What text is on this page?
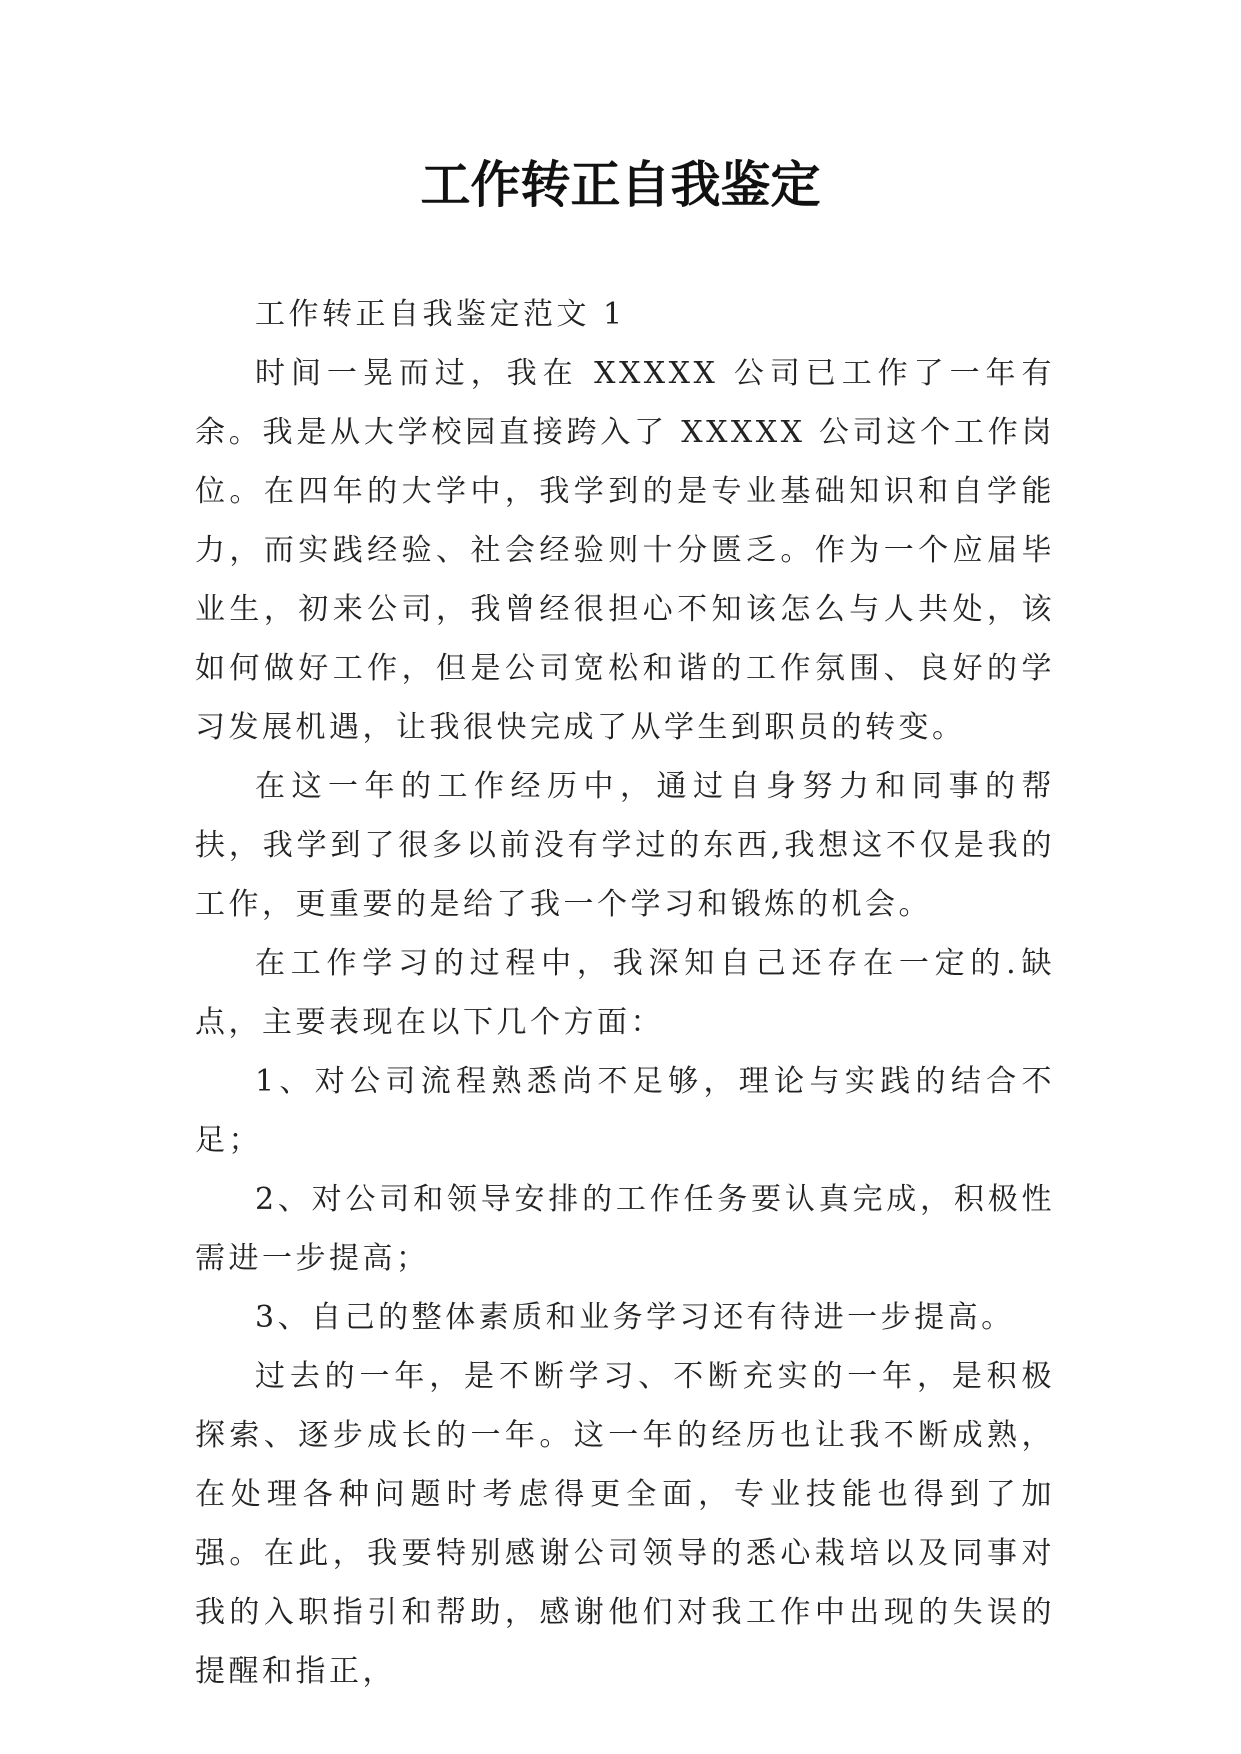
工作转正自我鉴定

工作转正自我鉴定范文 1

时间一晃而过，我在 XXXXX 公司已工作了一年有余。我是从大学校园直接跨入了 XXXXX 公司这个工作岗位。在四年的大学中，我学到的是专业基础知识和自学能力，而实践经验、社会经验则十分匮乏。作为一个应届毕业生，初来公司，我曾经很担心不知该怎么与人共处，该如何做好工作，但是公司宽松和谐的工作氛围、良好的学习发展机遇，让我很快完成了从学生到职员的转变。

在这一年的工作经历中，通过自身努力和同事的帮扶，我学到了很多以前没有学过的东西,我想这不仅是我的工作，更重要的是给了我一个学习和锻炼的机会。

在工作学习的过程中，我深知自己还存在一定的.缺点，主要表现在以下几个方面：

1、对公司流程熟悉尚不足够，理论与实践的结合不足；

2、对公司和领导安排的工作任务要认真完成，积极性需进一步提高；

3、自己的整体素质和业务学习还有待进一步提高。

过去的一年，是不断学习、不断充实的一年，是积极探索、逐步成长的一年。这一年的经历也让我不断成熟，在处理各种问题时考虑得更全面，专业技能也得到了加强。在此，我要特别感谢公司领导的悉心栽培以及同事对我的入职指引和帮助，感谢他们对我工作中出现的失误的提醒和指正，
